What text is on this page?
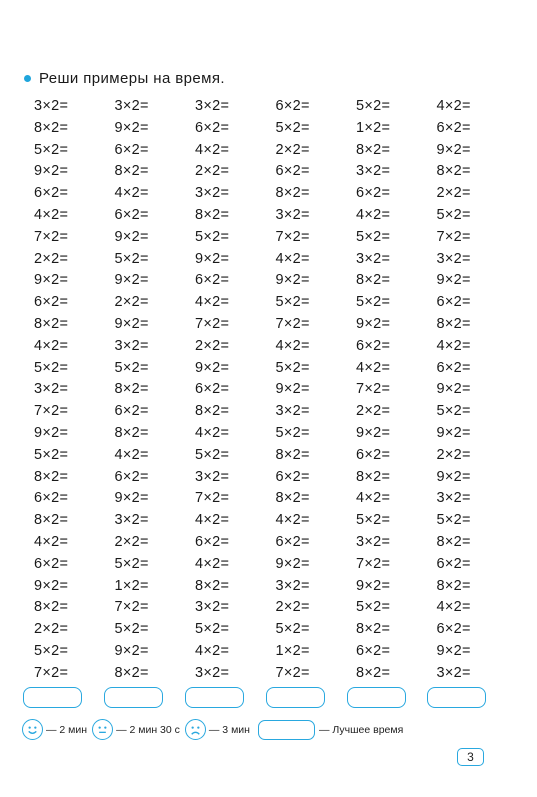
Реши примеры на время.
3×2=	3×2=	3×2=	6×2=	5×2=	4×2=
8×2=	9×2=	6×2=	5×2=	1×2=	6×2=
5×2=	6×2=	4×2=	2×2=	8×2=	9×2=
9×2=	8×2=	2×2=	6×2=	3×2=	8×2=
6×2=	4×2=	3×2=	8×2=	6×2=	2×2=
4×2=	6×2=	8×2=	3×2=	4×2=	5×2=
7×2=	9×2=	5×2=	7×2=	5×2=	7×2=
2×2=	5×2=	9×2=	4×2=	3×2=	3×2=
9×2=	9×2=	6×2=	9×2=	8×2=	9×2=
6×2=	2×2=	4×2=	5×2=	5×2=	6×2=
8×2=	9×2=	7×2=	7×2=	9×2=	8×2=
4×2=	3×2=	2×2=	4×2=	6×2=	4×2=
5×2=	5×2=	9×2=	5×2=	4×2=	6×2=
3×2=	8×2=	6×2=	9×2=	7×2=	9×2=
7×2=	6×2=	8×2=	3×2=	2×2=	5×2=
9×2=	8×2=	4×2=	5×2=	9×2=	9×2=
5×2=	4×2=	5×2=	8×2=	6×2=	2×2=
8×2=	6×2=	3×2=	6×2=	8×2=	9×2=
6×2=	9×2=	7×2=	8×2=	4×2=	3×2=
8×2=	3×2=	4×2=	4×2=	5×2=	5×2=
4×2=	2×2=	6×2=	6×2=	3×2=	8×2=
6×2=	5×2=	4×2=	9×2=	7×2=	6×2=
9×2=	1×2=	8×2=	3×2=	9×2=	8×2=
8×2=	7×2=	3×2=	2×2=	5×2=	4×2=
2×2=	5×2=	5×2=	5×2=	8×2=	6×2=
5×2=	9×2=	4×2=	1×2=	6×2=	9×2=
7×2=	8×2=	3×2=	7×2=	8×2=	3×2=
— 2 мин	— 2 мин 30 с	— 3 мин	— Лучшее время
3
